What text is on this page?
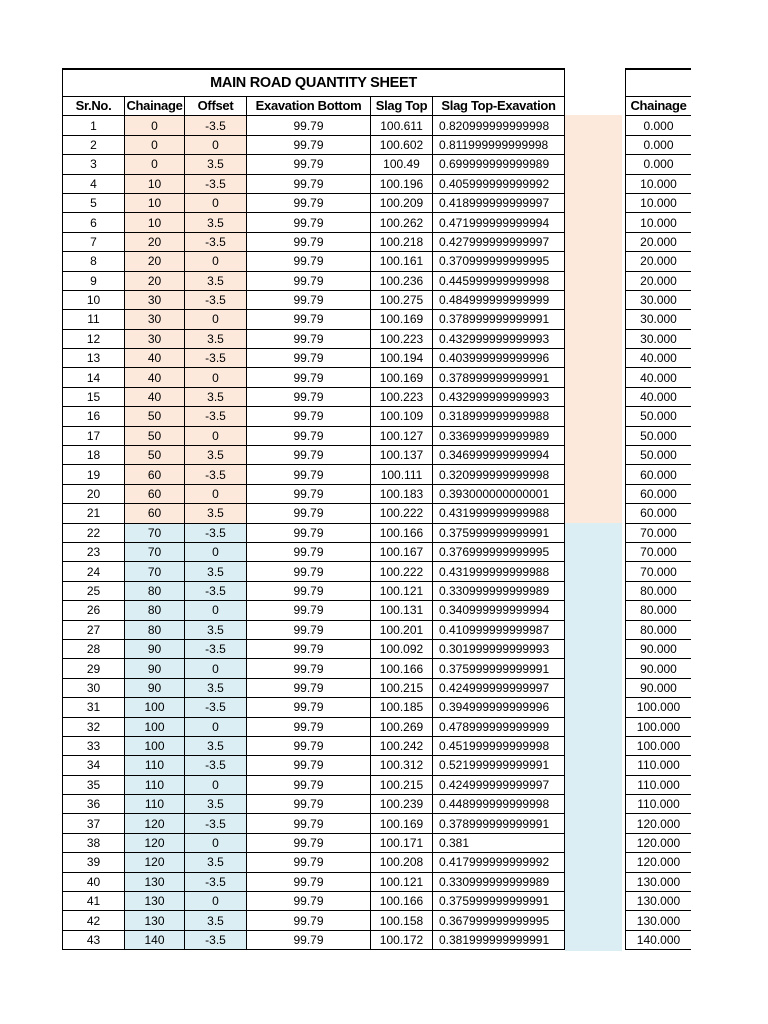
MAIN ROAD QUANTITY SHEET					
Sr.No.	Chainage	Offset	Exavation Bottom	Slag Top	Slag Top-Exavation
1	0	-3.5	99.79	100.611	0.820999999999998
2	0	0	99.79	100.602	0.811999999999998
3	0	3.5	99.79	100.49	0.699999999999989
4	10	-3.5	99.79	100.196	0.405999999999992
5	10	0	99.79	100.209	0.418999999999997
6	10	3.5	99.79	100.262	0.471999999999994
7	20	-3.5	99.79	100.218	0.427999999999997
8	20	0	99.79	100.161	0.370999999999995
9	20	3.5	99.79	100.236	0.445999999999998
10	30	-3.5	99.79	100.275	0.484999999999999
11	30	0	99.79	100.169	0.378999999999991
12	30	3.5	99.79	100.223	0.432999999999993
13	40	-3.5	99.79	100.194	0.403999999999996
14	40	0	99.79	100.169	0.378999999999991
15	40	3.5	99.79	100.223	0.432999999999993
16	50	-3.5	99.79	100.109	0.318999999999988
17	50	0	99.79	100.127	0.336999999999989
18	50	3.5	99.79	100.137	0.346999999999994
19	60	-3.5	99.79	100.111	0.320999999999998
20	60	0	99.79	100.183	0.393000000000001
21	60	3.5	99.79	100.222	0.431999999999988
22	70	-3.5	99.79	100.166	0.375999999999991
23	70	0	99.79	100.167	0.376999999999995
24	70	3.5	99.79	100.222	0.431999999999988
25	80	-3.5	99.79	100.121	0.330999999999989
26	80	0	99.79	100.131	0.340999999999994
27	80	3.5	99.79	100.201	0.410999999999987
28	90	-3.5	99.79	100.092	0.301999999999993
29	90	0	99.79	100.166	0.375999999999991
30	90	3.5	99.79	100.215	0.424999999999997
31	100	-3.5	99.79	100.185	0.394999999999996
32	100	0	99.79	100.269	0.478999999999999
33	100	3.5	99.79	100.242	0.451999999999998
34	110	-3.5	99.79	100.312	0.521999999999991
35	110	0	99.79	100.215	0.424999999999997
36	110	3.5	99.79	100.239	0.448999999999998
37	120	-3.5	99.79	100.169	0.378999999999991
38	120	0	99.79	100.171	0.381
39	120	3.5	99.79	100.208	0.417999999999992
40	130	-3.5	99.79	100.121	0.330999999999989
41	130	0	99.79	100.166	0.375999999999991
42	130	3.5	99.79	100.158	0.367999999999995
43	140	-3.5	99.79	100.172	0.381999999999991

Chainage
0.000
0.000
0.000
10.000
10.000
10.000
20.000
20.000
20.000
30.000
30.000
30.000
40.000
40.000
40.000
50.000
50.000
50.000
60.000
60.000
60.000
70.000
70.000
70.000
80.000
80.000
80.000
90.000
90.000
90.000
100.000
100.000
100.000
110.000
110.000
110.000
120.000
120.000
120.000
130.000
130.000
130.000
140.000
